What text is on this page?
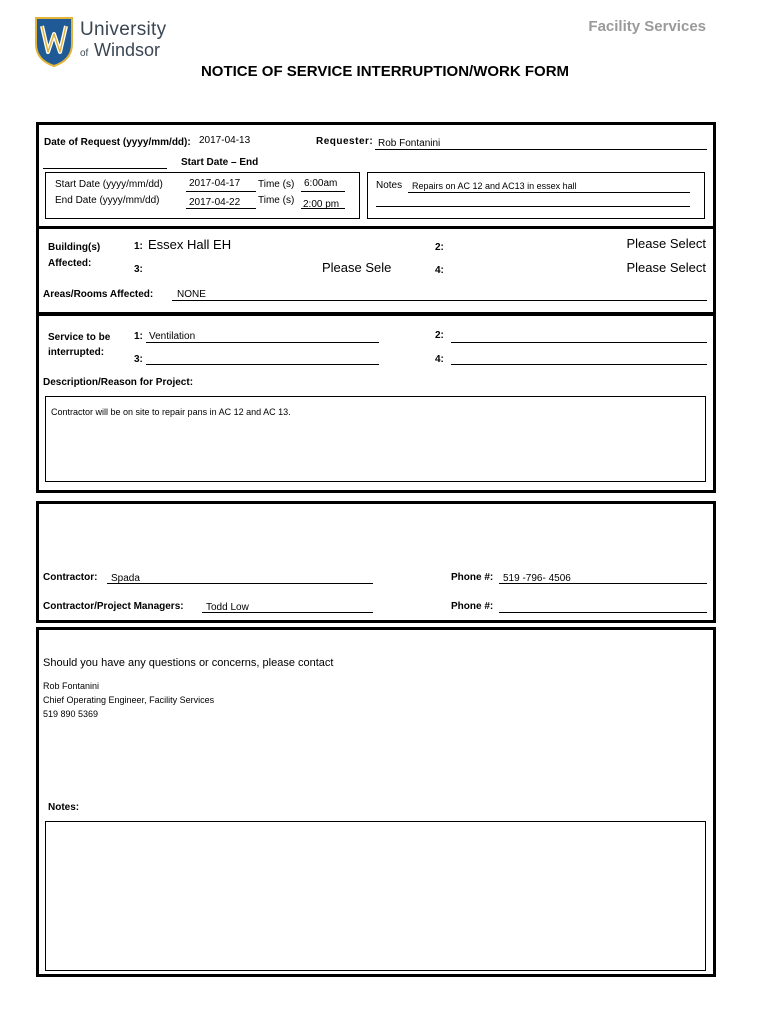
University
of Windsor
Facility Services
NOTICE OF SERVICE INTERRUPTION/WORK FORM
Date of Request (yyyy/mm/dd): 2017-04-13	Requester: Rob Fontanini
Start Date – End
Start Date (yyyy/mm/dd)	2017-04-17 Time (s) 6:00am
End Date (yyyy/mm/dd)	2017-04-22 Time (s) 2:00 pm
Notes Repairs on AC 12 and AC13 in essex hall
Building(s)
Affected:
1: Essex Hall EH	2:	Please Select
3:	Please Sele	4:	Please Select
Areas/Rooms Affected: NONE
Service to be
interrupted:
1: Ventilation	2:
3:	4:
Description/Reason for Project:
Contractor will be on site to repair pans in AC 12 and AC 13.
Contractor: Spada	Phone #: 519 -796- 4506
Contractor/Project Managers: Todd Low	Phone #:
Should you have any questions or concerns, please contact
Rob Fontanini
Chief Operating Engineer, Facility Services
519 890 5369
Notes:
